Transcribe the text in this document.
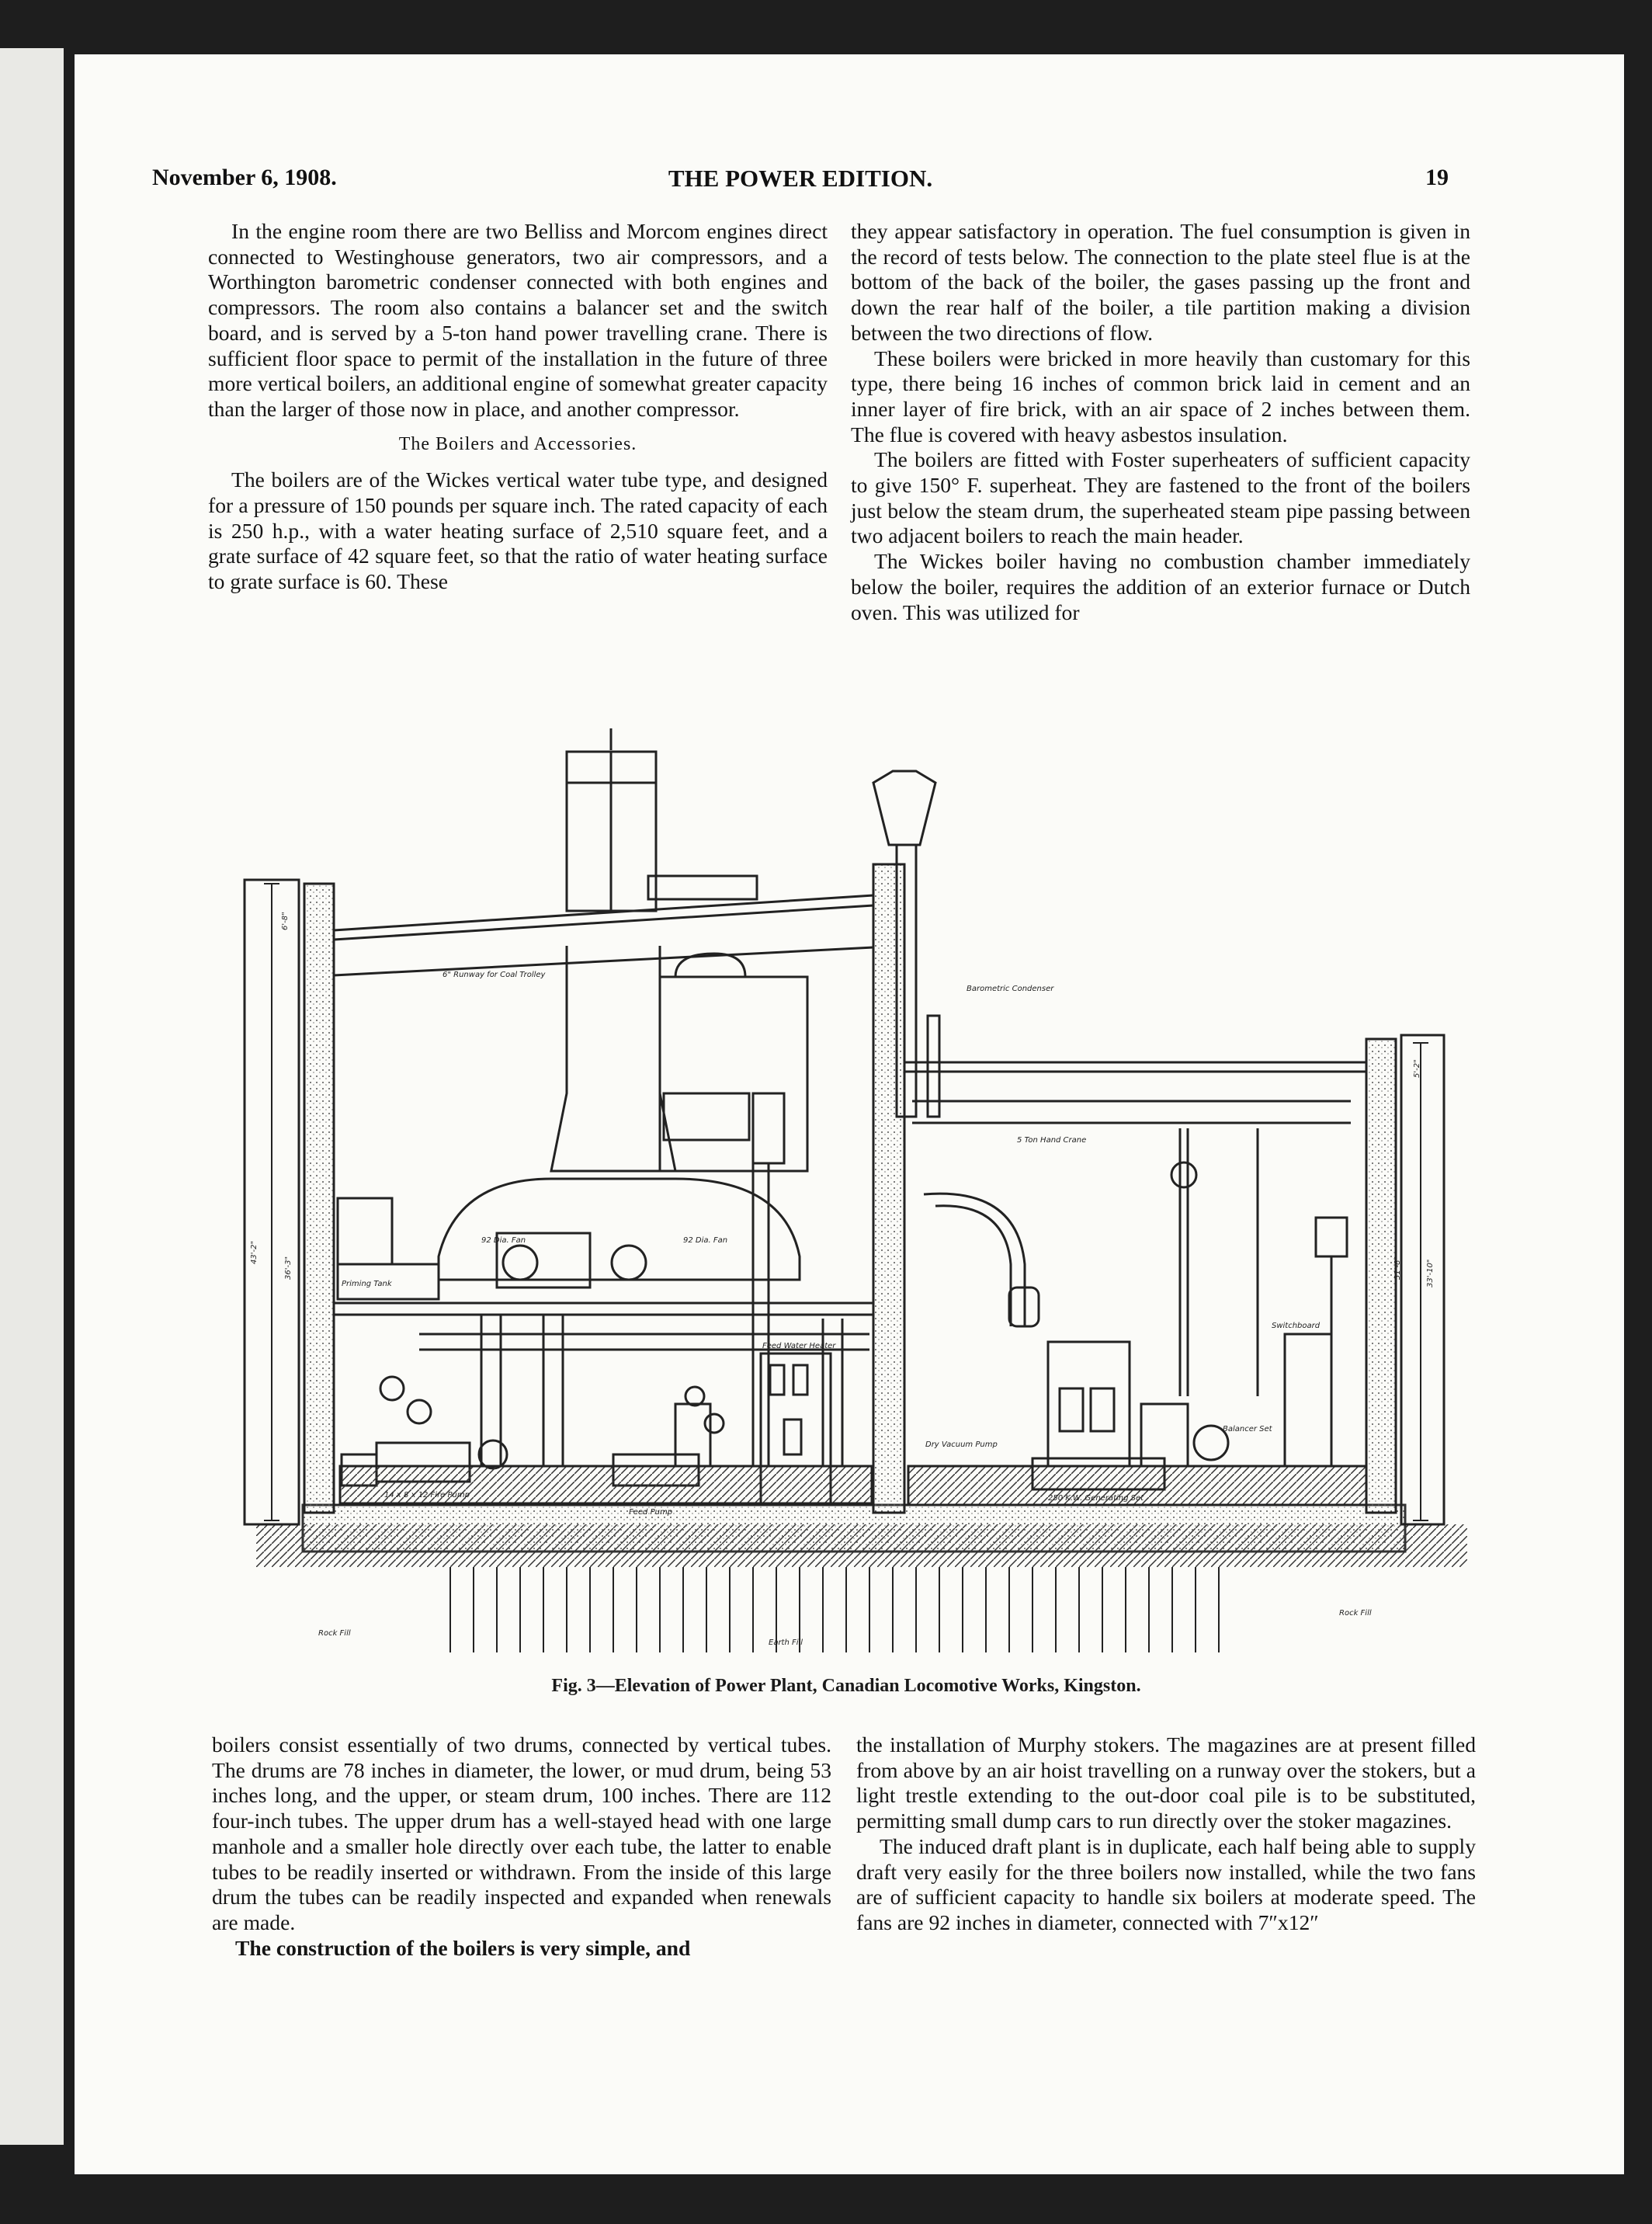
November 6, 1908.	THE POWER EDITION.	19

In the engine room there are two Belliss and Morcom engines direct connected to Westinghouse generators, two air compressors, and a Worthington barometric condenser connected with both engines and compressors. The room also contains a balancer set and the switch board, and is served by a 5-ton hand power travelling crane. There is sufficient floor space to permit of the installation in the future of three more vertical boilers, an additional engine of somewhat greater capacity than the larger of those now in place, and another compressor.

The Boilers and Accessories.

The boilers are of the Wickes vertical water tube type, and designed for a pressure of 150 pounds per square inch. The rated capacity of each is 250 h.p., with a water heating surface of 2,510 square feet, and a grate surface of 42 square feet, so that the ratio of water heating surface to grate surface is 60. These

they appear satisfactory in operation. The fuel consumption is given in the record of tests below. The connection to the plate steel flue is at the bottom of the back of the boiler, the gases passing up the front and down the rear half of the boiler, a tile partition making a division between the two directions of flow.

These boilers were bricked in more heavily than customary for this type, there being 16 inches of common brick laid in cement and an inner layer of fire brick, with an air space of 2 inches between them. The flue is covered with heavy asbestos insulation.

The boilers are fitted with Foster superheaters of sufficient capacity to give 150° F. superheat. They are fastened to the front of the boilers just below the steam drum, the superheated steam pipe passing between two adjacent boilers to reach the main header.

The Wickes boiler having no combustion chamber immediately below the boiler, requires the addition of an exterior furnace or Dutch oven. This was utilized for

6" Runway for Coal Trolley
Barometric Condenser
5 Ton Hand Crane
92 Dia. Fan	92 Dia. Fan
Priming Tank
Feed Water Heater
14 x 8 x 12 Fire Pump
Feed Pump
Dry Vacuum Pump
250 K.W. Generating Set
Balancer Set
Switchboard
Rock Fill
Earth Fill
Rock Fill
43'-2"
36'-3"
6'-8"
33'-10"
31'-8"
5'-2"
Fig. 3—Elevation of Power Plant, Canadian Locomotive Works, Kingston.

boilers consist essentially of two drums, connected by vertical tubes. The drums are 78 inches in diameter, the lower, or mud drum, being 53 inches long, and the upper, or steam drum, 100 inches. There are 112 four-inch tubes. The upper drum has a well-stayed head with one large manhole and a smaller hole directly over each tube, the latter to enable tubes to be readily inserted or withdrawn. From the inside of this large drum the tubes can be readily inspected and expanded when renewals are made.

The construction of the boilers is very simple, and

the installation of Murphy stokers. The magazines are at present filled from above by an air hoist travelling on a runway over the stokers, but a light trestle extending to the out-door coal pile is to be substituted, permitting small dump cars to run directly over the stoker magazines.

The induced draft plant is in duplicate, each half being able to supply draft very easily for the three boilers now installed, while the two fans are of sufficient capacity to handle six boilers at moderate speed. The fans are 92 inches in diameter, connected with 7″x12″
